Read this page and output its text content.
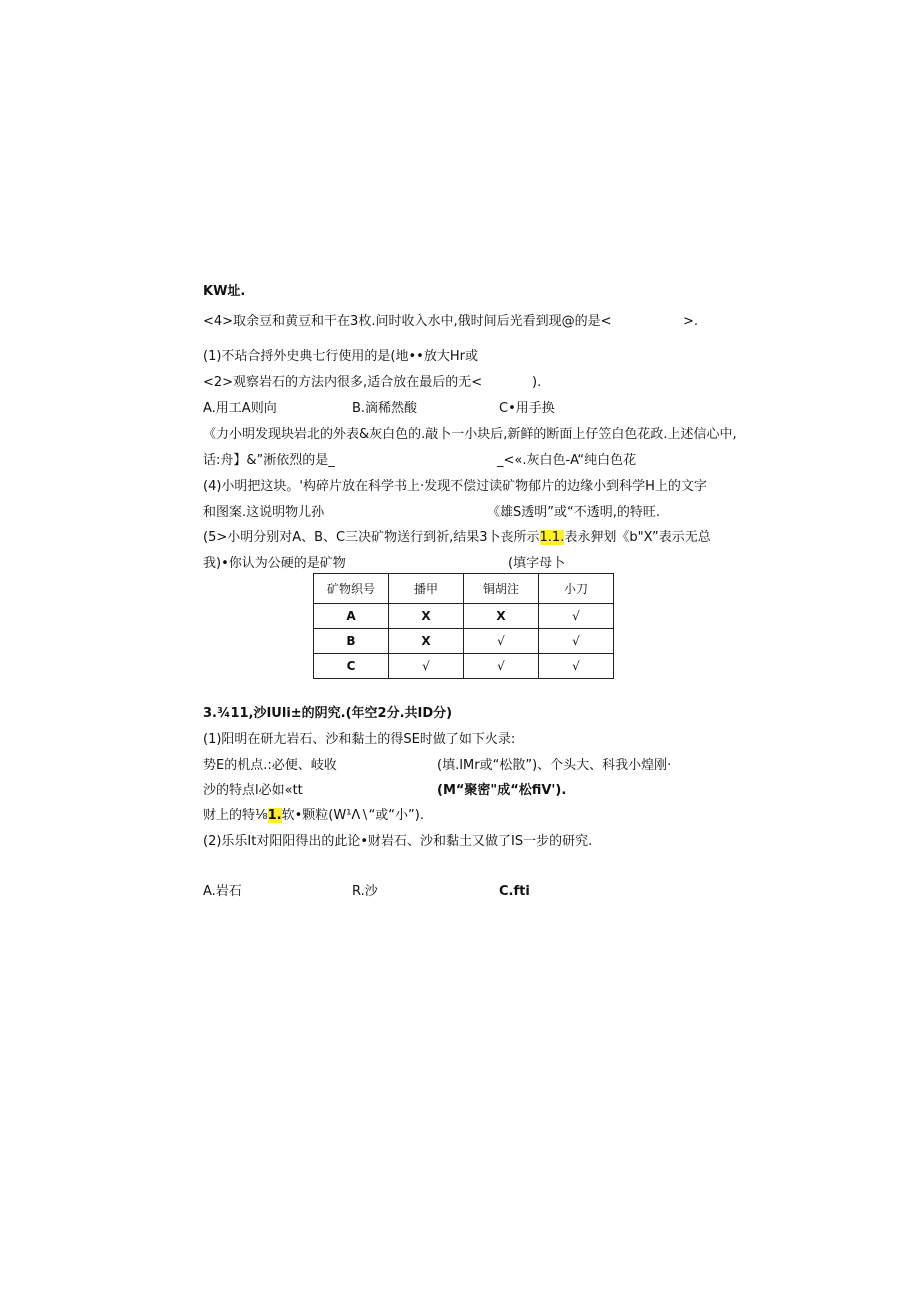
KW址.
<4>取余豆和黄豆和干在3枚.问时收入水中,俄时间后光看到现@的是<	>.
(1)不玷合捋外史典七行使用的是(地••放大Hr或
<2>观察岩石的方法内很多,适合放在最后的无<	).
A.用工A则向	B.滴稀然酸	C•用手换
《力小明发现块岩北的外表&灰白色的.敲卜一小块后,新鲜的断面上仔笠白色花政.上述信心中,
话:舟】&”淅依烈的是_	_<«.灰白色-A“纯白色花
(4)小明把这块。'构碎片放在科学书上·发现不偿过读矿物郁片的边缘小到科学H上的文字
和图案.这说明物儿孙	《雄S透明”或“不透明,的特旺.
(5>小明分别对A、B、C三决矿物送行到祈,结果3卜丧所示1.1.表永狎划《b"X”表示无总
我)•你认为公硬的是矿物	(填字母卜
矿物织号	播甲	铜胡注	小刀
A	X	X	√
B	X	√	√
C	√	√	√
3.¾11,沙IUli±的阴究.(年空2分.共ID分)
(1)阳明在研尢岩石、沙和黏土的得SE时做了如下火录:
势E的机点.:必便、岐收	(填.IMr或“松散”)、个头大、科我小煌刚·
沙的特点l必如«tt	(M“聚密"成“松fiV').
财上的特⅛1.软•颗粒(W¹Λ∖“或“小”).
(2)乐乐It对阳阳得出的此论•财岩石、沙和黏土又做了IS一步的研究.
A.岩石	R.沙	C.fti
